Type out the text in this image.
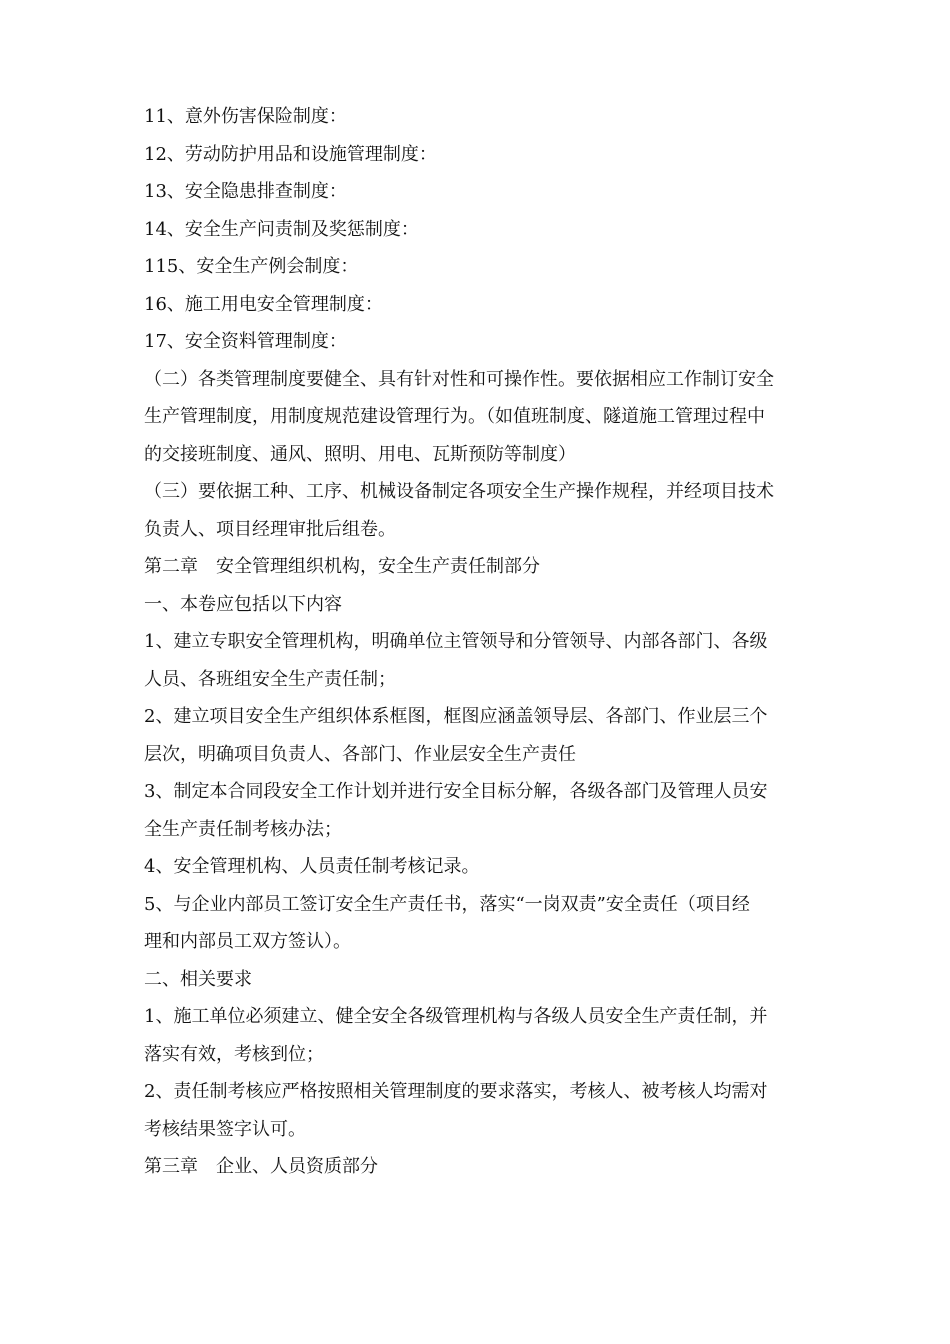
11、意外伤害保险制度：
12、劳动防护用品和设施管理制度：
13、安全隐患排查制度：
14、安全生产问责制及奖惩制度：
115、安全生产例会制度：
16、施工用电安全管理制度：
17、安全资料管理制度：
（二）各类管理制度要健全、具有针对性和可操作性。要依据相应工作制订安全
生产管理制度，用制度规范建设管理行为。（如值班制度、隧道施工管理过程中
的交接班制度、通风、照明、用电、瓦斯预防等制度）
（三）要依据工种、工序、机械设备制定各项安全生产操作规程，并经项目技术
负责人、项目经理审批后组卷。
第二章　安全管理组织机构，安全生产责任制部分
一、本卷应包括以下内容
1、建立专职安全管理机构，明确单位主管领导和分管领导、内部各部门、各级
人员、各班组安全生产责任制；
2、建立项目安全生产组织体系框图，框图应涵盖领导层、各部门、作业层三个
层次，明确项目负责人、各部门、作业层安全生产责任
3、制定本合同段安全工作计划并进行安全目标分解，各级各部门及管理人员安
全生产责任制考核办法；
4、安全管理机构、人员责任制考核记录。
5、与企业内部员工签订安全生产责任书，落实“一岗双责”安全责任（项目经
理和内部员工双方签认）。
二、相关要求
1、施工单位必须建立、健全安全各级管理机构与各级人员安全生产责任制，并
落实有效，考核到位；
2、责任制考核应严格按照相关管理制度的要求落实，考核人、被考核人均需对
考核结果签字认可。
第三章　企业、人员资质部分
